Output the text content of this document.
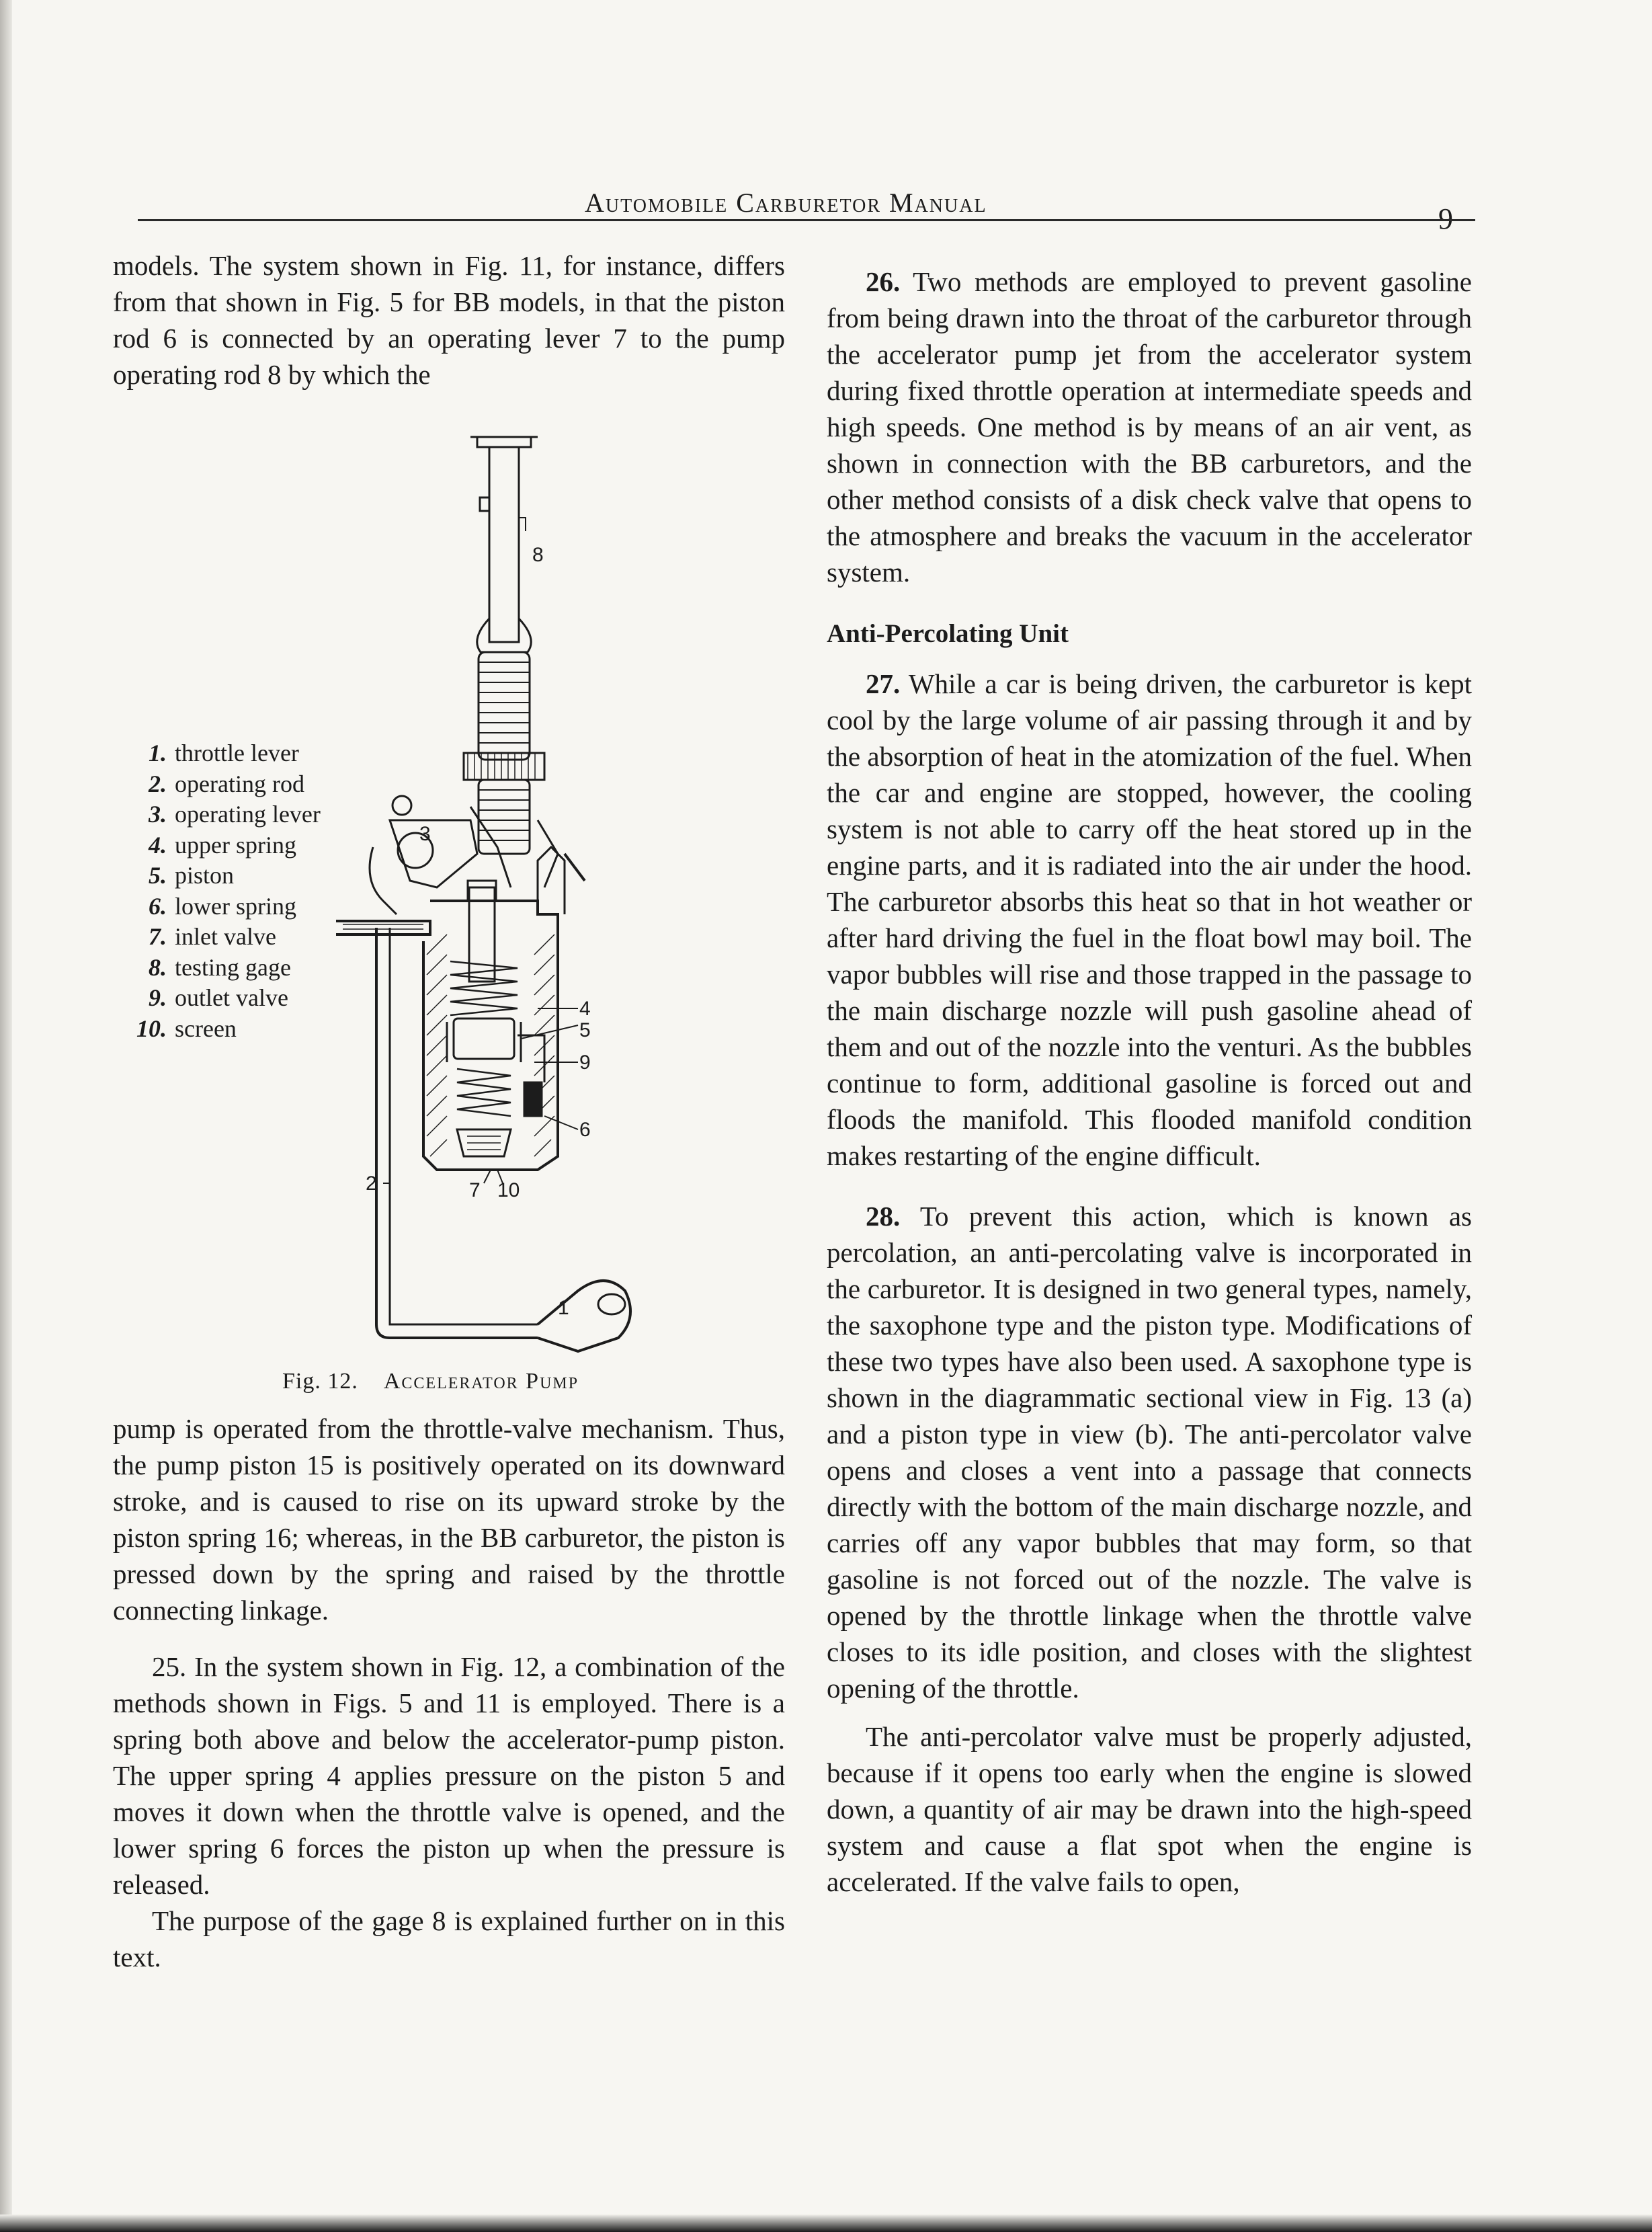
Automobile Carburetor Manual

models. The system shown in Fig. 11, for instance, differs from that shown in Fig. 5 for BB models, in that the piston rod 6 is connected by an operating lever 7 to the pump operating rod 8 by which the

1. throttle lever
2. operating rod
3. operating lever
4. upper spring
5. piston
6. lower spring
7. inlet valve
8. testing gage
9. outlet valve
10. screen
8
3
4
5
9
6
2	7 10
1
Fig. 12. Accelerator Pump

pump is operated from the throttle-valve mechanism. Thus, the pump piston 15 is positively operated on its downward stroke, and is caused to rise on its upward stroke by the piston spring 16; whereas, in the BB carburetor, the piston is pressed down by the spring and raised by the throttle connecting linkage.

25. In the system shown in Fig. 12, a combination of the methods shown in Figs. 5 and 11 is employed. There is a spring both above and below the accelerator-pump piston. The upper spring 4 applies pressure on the piston 5 and moves it down when the throttle valve is opened, and the lower spring 6 forces the piston up when the pressure is released.

The purpose of the gage 8 is explained further on in this text.

26. Two methods are employed to prevent gasoline from being drawn into the throat of the carburetor through the accelerator pump jet from the accelerator system during fixed throttle operation at intermediate speeds and high speeds. One method is by means of an air vent, as shown in connection with the BB carburetors, and the other method consists of a disk check valve that opens to the atmosphere and breaks the vacuum in the accelerator system.

Anti-Percolating Unit

27. While a car is being driven, the carburetor is kept cool by the large volume of air passing through it and by the absorption of heat in the atomization of the fuel. When the car and engine are stopped, however, the cooling system is not able to carry off the heat stored up in the engine parts, and it is radiated into the air under the hood. The carburetor absorbs this heat so that in hot weather or after hard driving the fuel in the float bowl may boil. The vapor bubbles will rise and those trapped in the passage to the main discharge nozzle will push gasoline ahead of them and out of the nozzle into the venturi. As the bubbles continue to form, additional gasoline is forced out and floods the manifold. This flooded manifold condition makes restarting of the engine difficult.

28. To prevent this action, which is known as percolation, an anti-percolating valve is incorporated in the carburetor. It is designed in two general types, namely, the saxophone type and the piston type. Modifications of these two types have also been used. A saxophone type is shown in the diagrammatic sectional view in Fig. 13 (a) and a piston type in view (b). The anti-percolator valve opens and closes a vent into a passage that connects directly with the bottom of the main discharge nozzle, and carries off any vapor bubbles that may form, so that gasoline is not forced out of the nozzle. The valve is opened by the throttle linkage when the throttle valve closes to its idle position, and closes with the slightest opening of the throttle.

The anti-percolator valve must be properly adjusted, because if it opens too early when the engine is slowed down, a quantity of air may be drawn into the high-speed system and cause a flat spot when the engine is accelerated. If the valve fails to open,
